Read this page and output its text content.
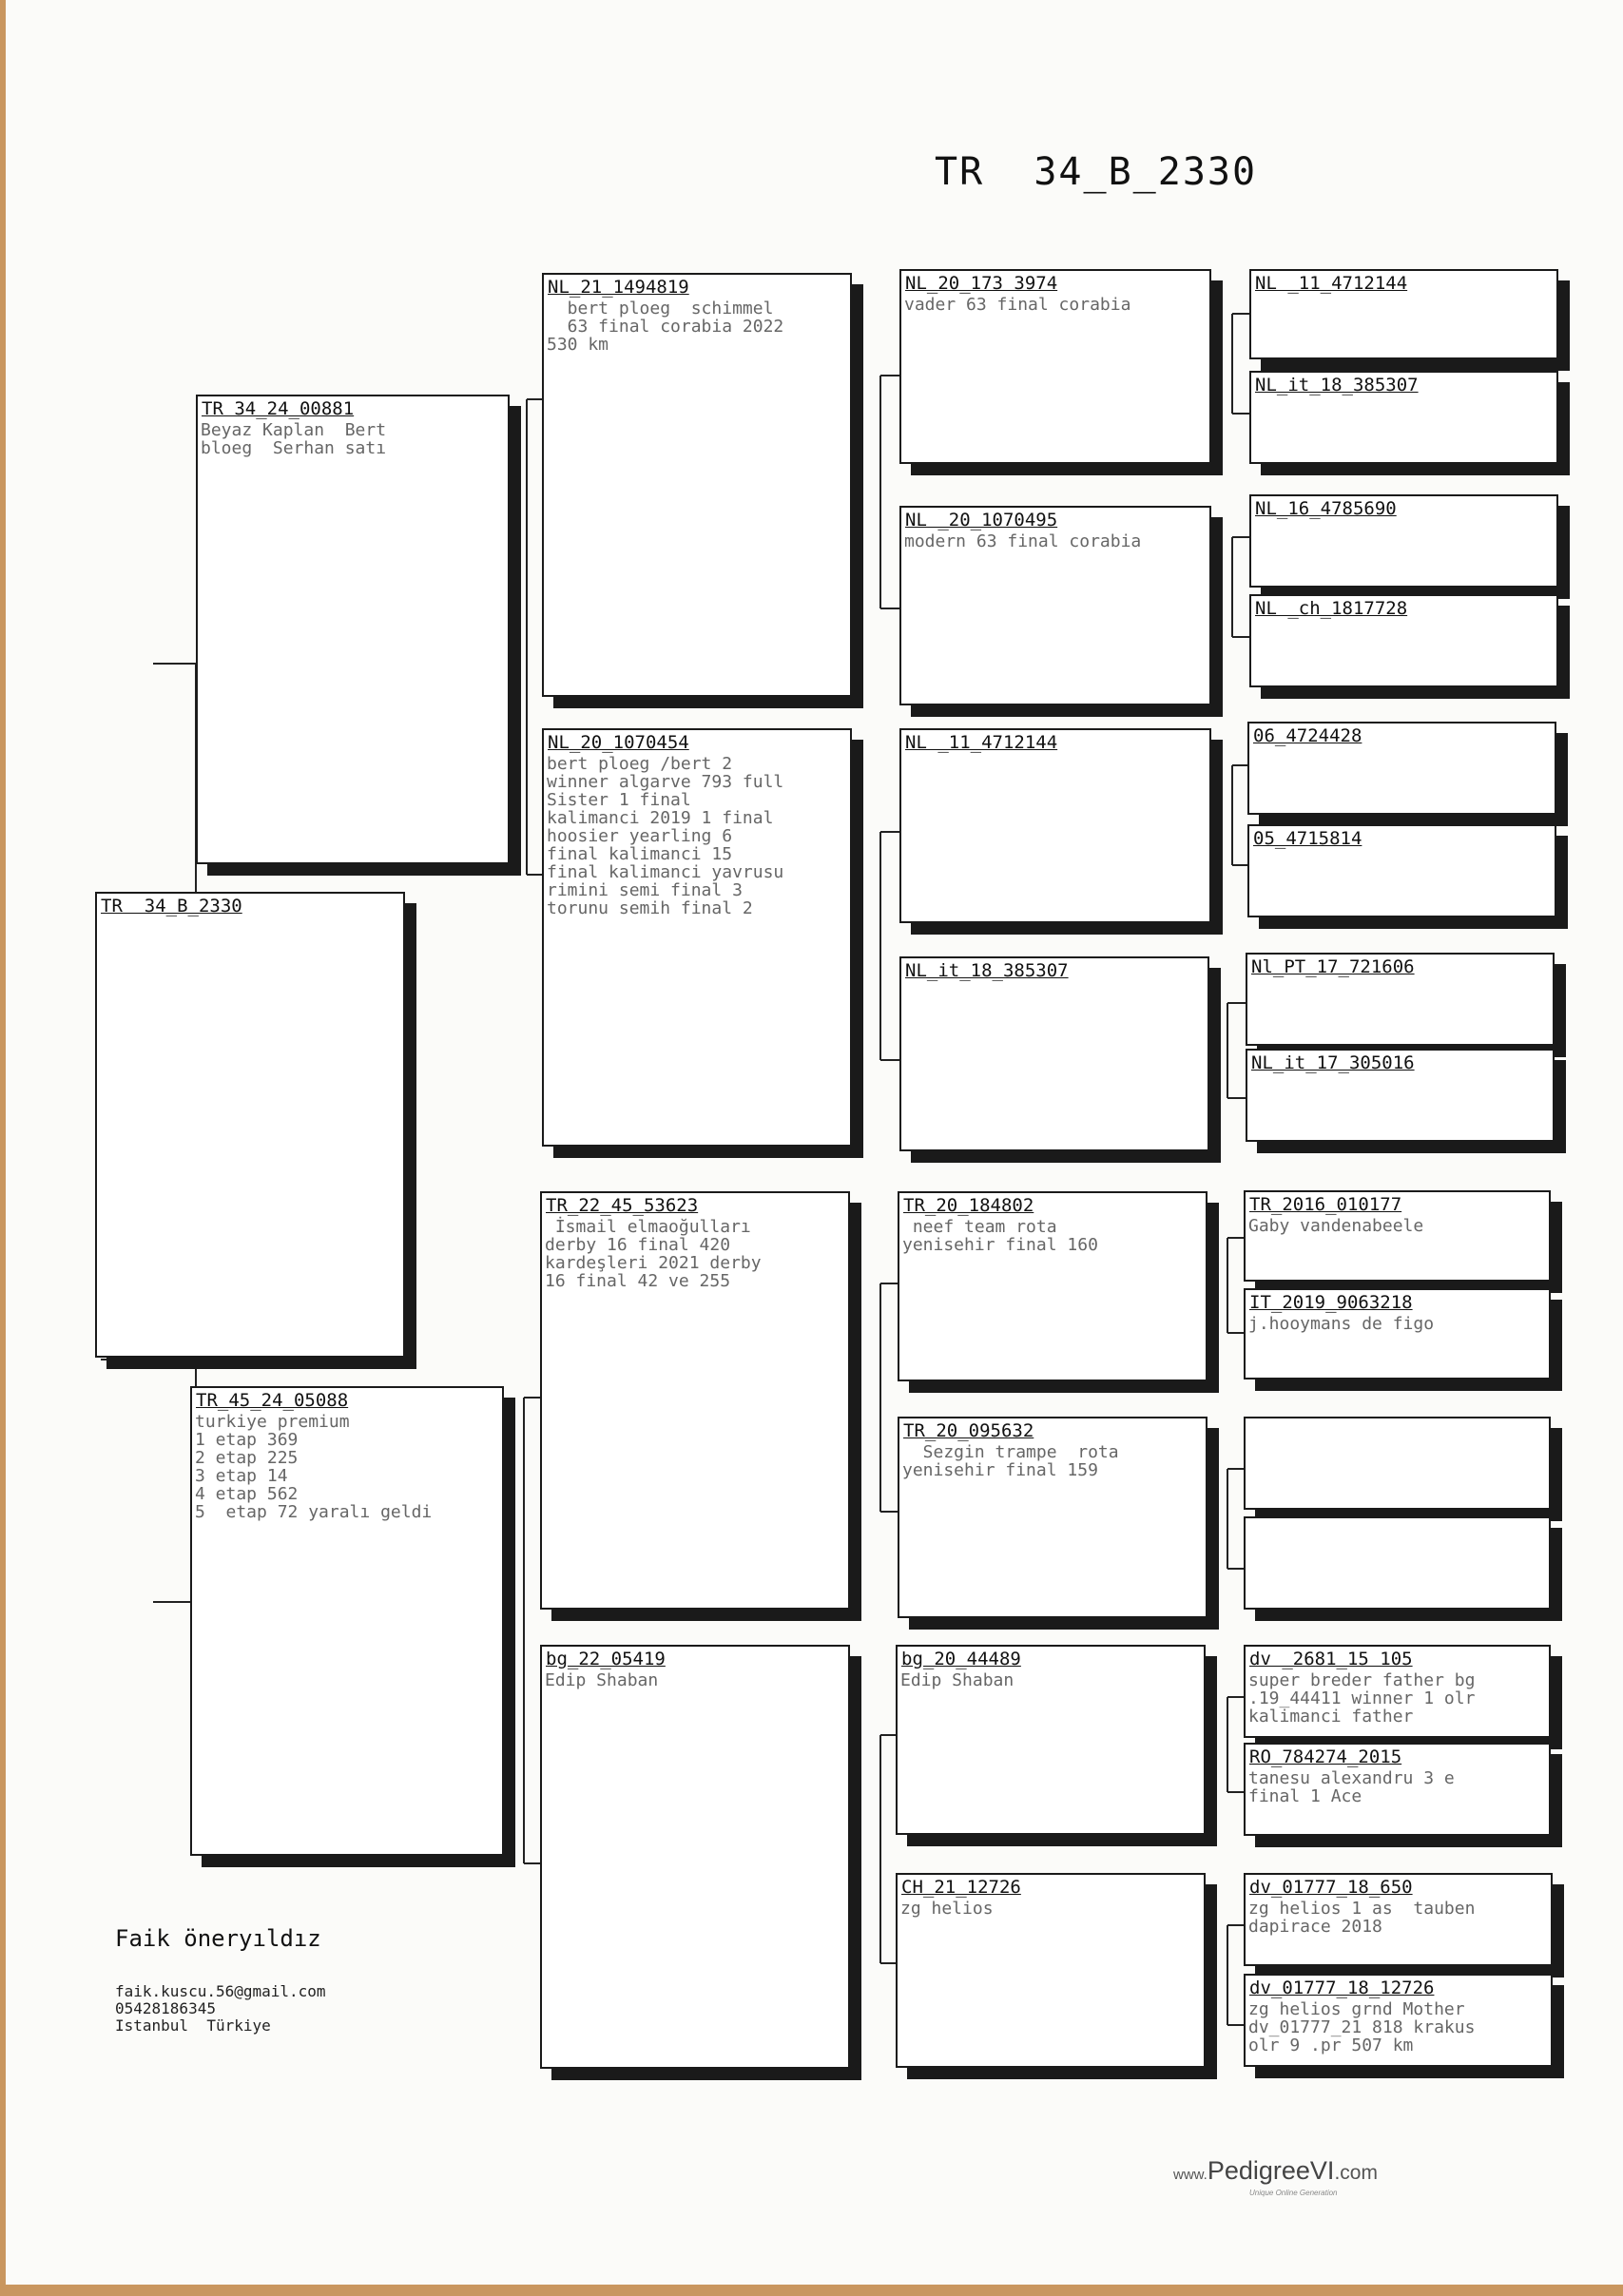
TR  34_B_2330
TR  34_B_2330
TR 34_24_00881
Beyaz Kaplan  Bert
bloeg  Serhan satı
TR_45_24_05088
turkiye premium
1 etap 369
2 etap 225
3 etap 14
4 etap 562
5  etap 72 yaralı geldi
NL_21_1494819
bert ploeg  schimmel
63 final corabia 2022
530 km
NL_20_1070454
bert ploeg /bert 2
winner algarve 793 full
Sister 1 final
kalimanci 2019 1 final
hoosier yearling 6
final kalimanci 15
final kalimanci yavrusu
rimini semi final 3
torunu semih final 2
TR_22_45_53623
İsmail elmaoğulları
derby 16 final 420
kardeşleri 2021 derby
16 final 42 ve 255
bg_22_05419
Edip Shaban
NL_20_173 3974
vader 63 final corabia
NL _20_1070495
modern 63 final corabia
NL _11_4712144
NL_it_18_385307
TR_20_184802
neef team rota
yenisehir final 160
TR_20_095632
Sezgin trampe  rota
yenisehir final 159
bg_20_44489
Edip Shaban
CH_21_12726
zg helios
NL _11_4712144
NL_it_18_385307
NL_16_4785690
NL _ch_1817728
06_4724428
05_4715814
Nl_PT_17_721606
NL_it_17_305016
TR_2016_010177
Gaby vandenabeele
IT_2019_9063218
j.hooymans de figo
dv _2681_15 105
super breder father bg
.19_44411 winner 1 olr
kalimanci father
RO_784274_2015
tanesu alexandru 3 e
final 1 Ace
dv_01777_18_650
zg helios 1 as  tauben
dapirace 2018
dv_01777_18_12726
zg helios grnd Mother
dv_01777_21 818 krakus
olr 9 .pr 507 km
Faik öneryıldız
faik.kuscu.56@gmail.com
05428186345
Istanbul  Türkiye
www.PedigreeVI.com
Unique Online Generation
